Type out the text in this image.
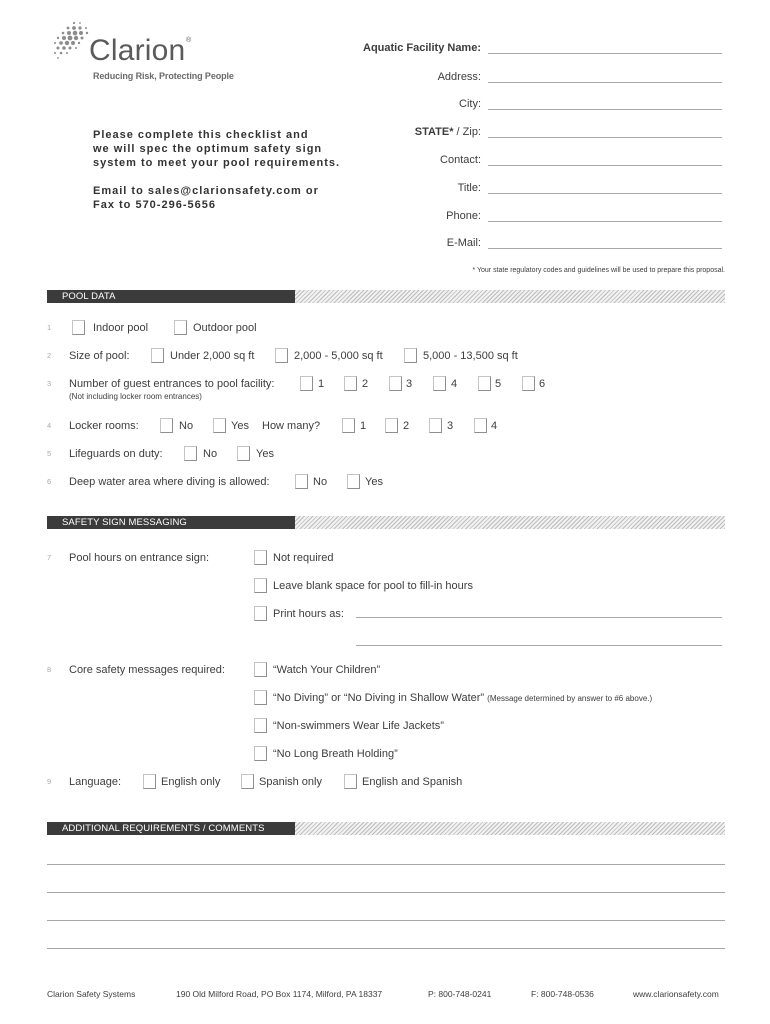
Clarion ®
Reducing Risk, Protecting People
Please complete this checklist and
we will spec the optimum safety sign
system to meet your pool requirements.
Email to sales@clarionsafety.com or
Fax to 570-296-5656
Aquatic Facility Name:
Address:
City:
STATE* / Zip:
Contact:
Title:
Phone:
E-Mail:
* Your state regulatory codes and guidelines will be used to prepare this proposal.
POOL DATA
1	Indoor pool	Outdoor pool
2 Size of pool:	Under 2,000 sq ft	2,000 - 5,000 sq ft	5,000 - 13,500 sq ft
3 Number of guest entrances to pool facility:	1	2	3	4	5	6
(Not including locker room entrances)
4 Locker rooms:	No	Yes How many?	1	2	3	4
5 Lifeguards on duty:	No	Yes
6 Deep water area where diving is allowed:	No	Yes
SAFETY SIGN MESSAGING
7 Pool hours on entrance sign:	Not required
Leave blank space for pool to fill-in hours
Print hours as:
8 Core safety messages required:	“Watch Your Children”
“No Diving” or “No Diving in Shallow Water” (Message determined by answer to #6 above.)
“Non-swimmers Wear Life Jackets”
“No Long Breath Holding”
9 Language:	English only	Spanish only	English and Spanish
ADDITIONAL REQUIREMENTS / COMMENTS
Clarion Safety Systems	190 Old Milford Road, PO Box 1174, Milford, PA 18337	P: 800-748-0241	F: 800-748-0536	www.clarionsafety.com
